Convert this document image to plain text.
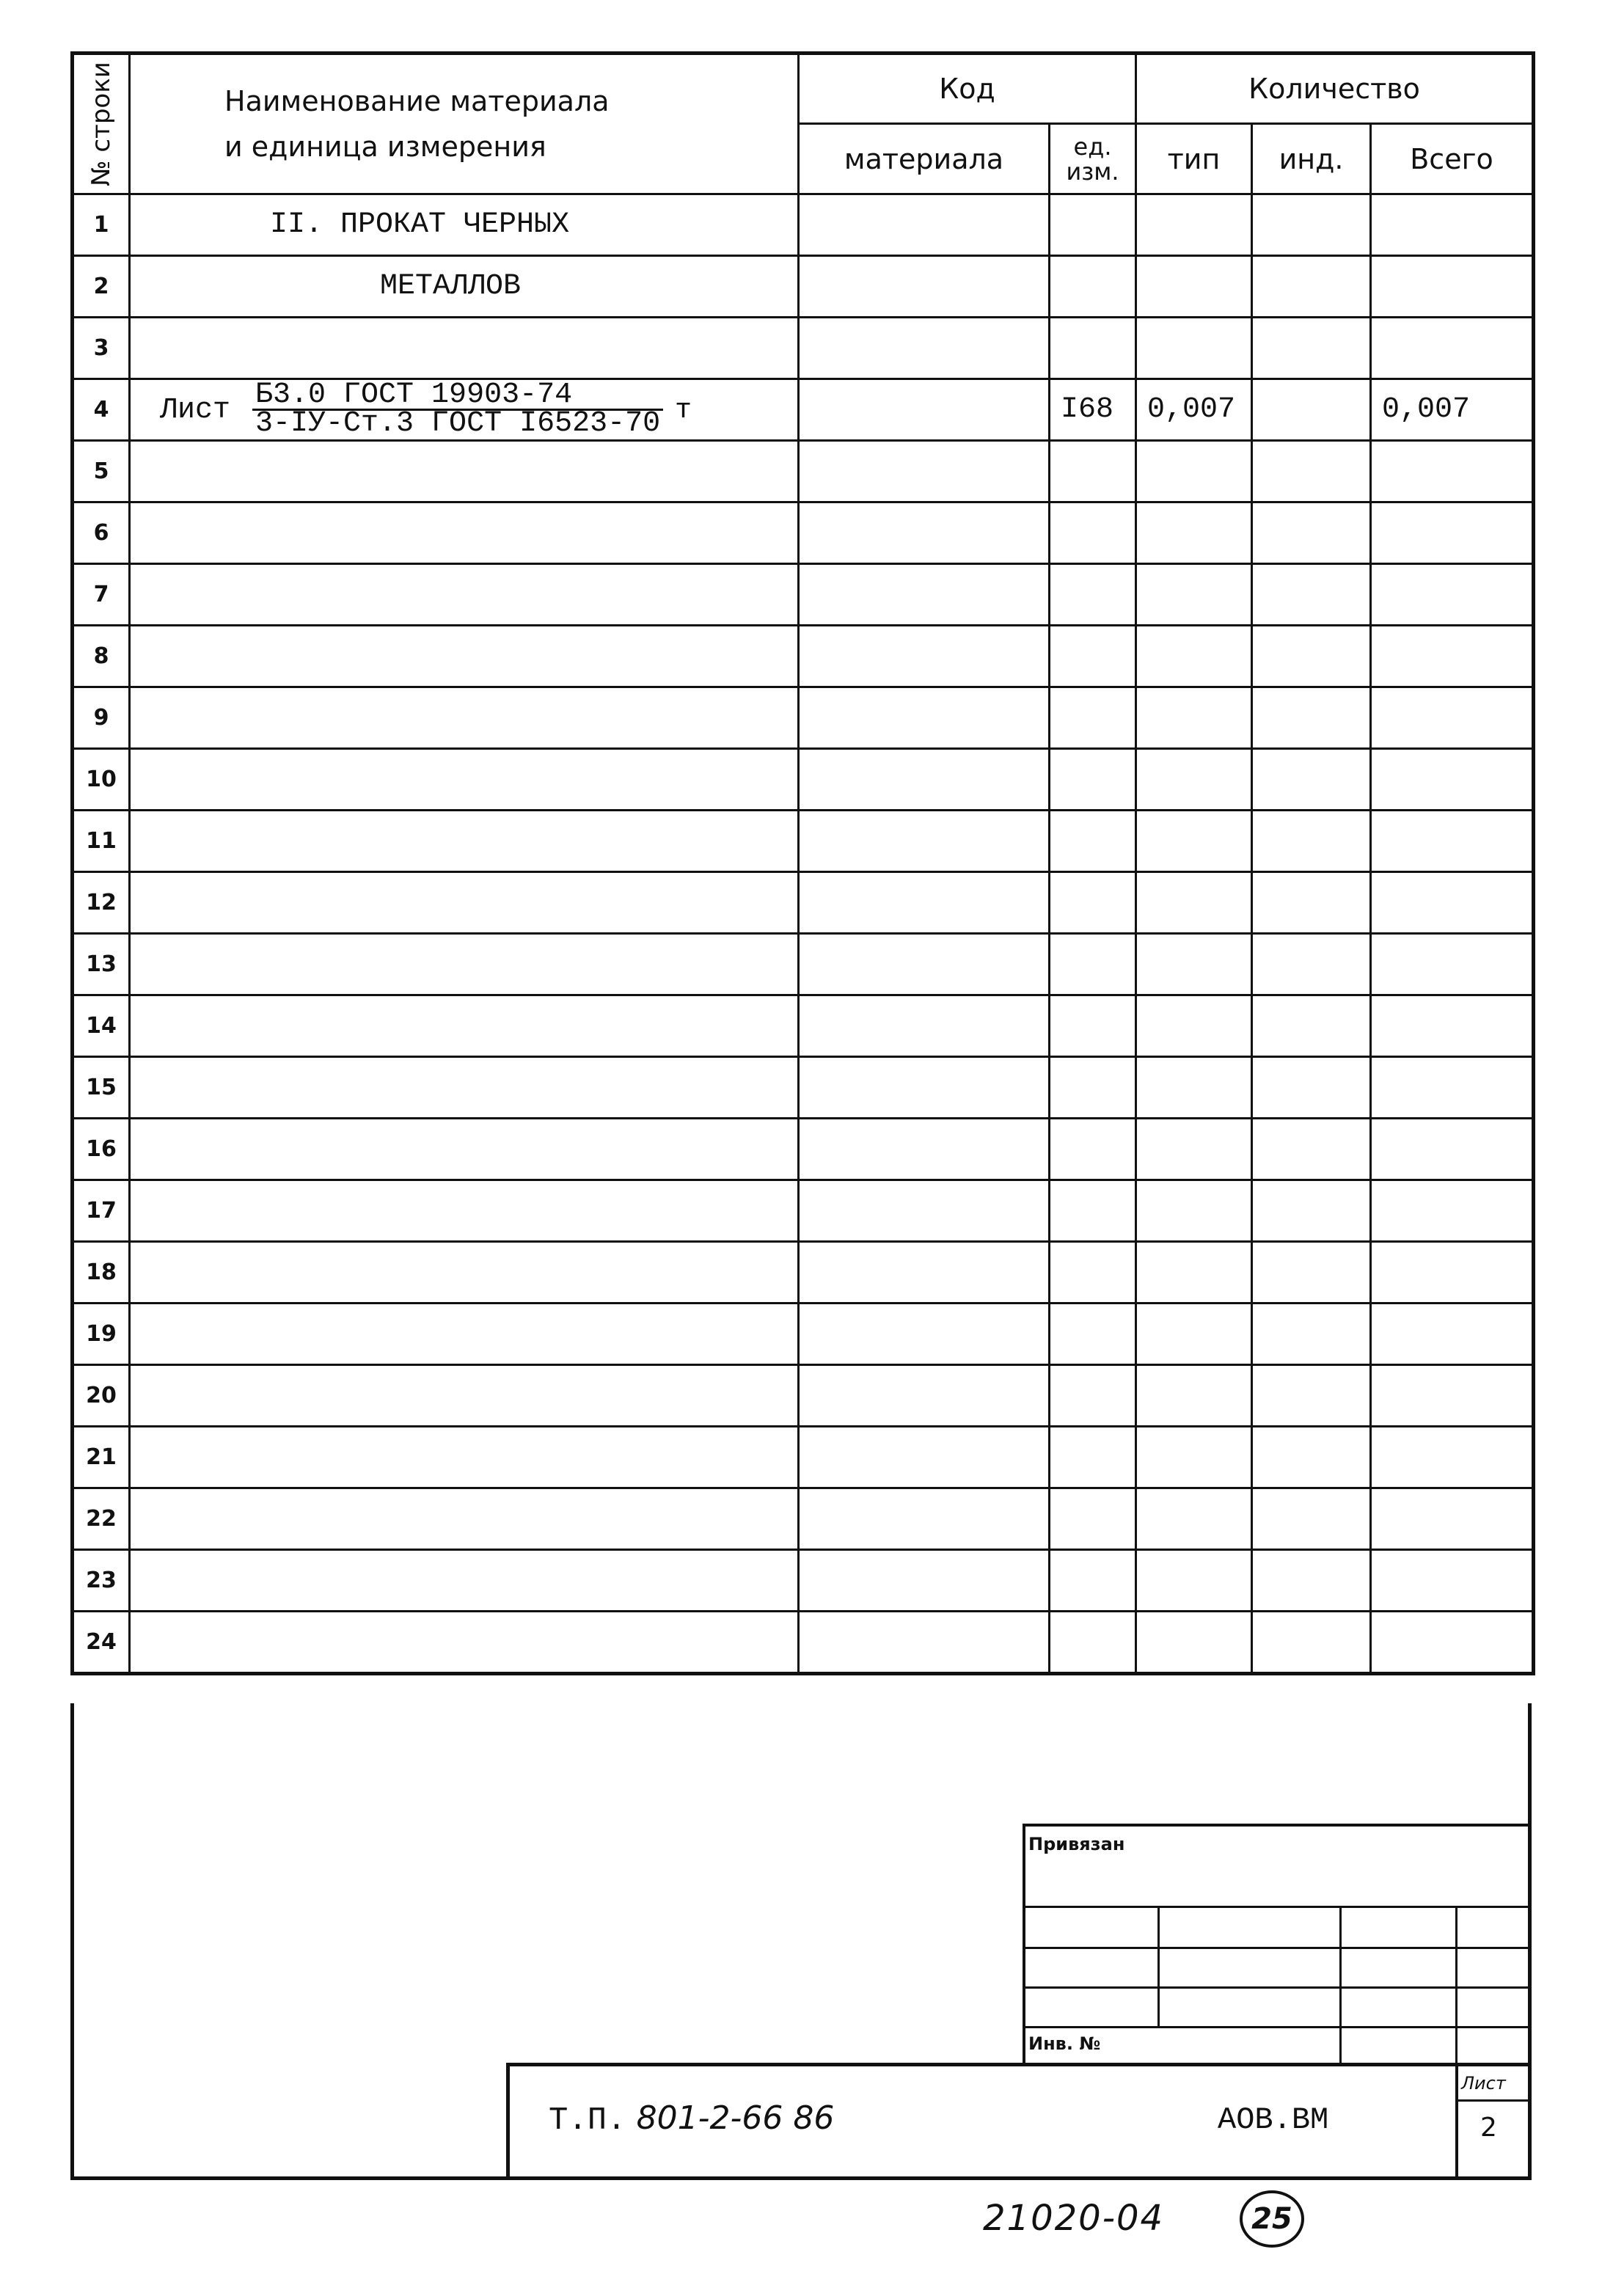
№ строки	Наименование материала
и единица измерения	Код		Количество		
		материала	ед. изм.	тип	инд.	Всего
1	II. ПРОКАТ ЧЕРНЫХ					
2	МЕТАЛЛОВ					
3						
4	Лист $\frac{\text{Б3.0 ГОСТ 19903-74}}{\text{3-IУ-Ст.3 ГОСТ I6523-70}}$ т		I68	0,007		0,007
5						
6						
7						
8						
9						
10						
11						
12						
13						
14						
15						
16						
17						
18						
19						
20						
21						
22						
23						
24						
Привязан
Инв. №
Т.П. 801-2-66 86	АОВ.ВМ
Лист
2
21020-04	25
